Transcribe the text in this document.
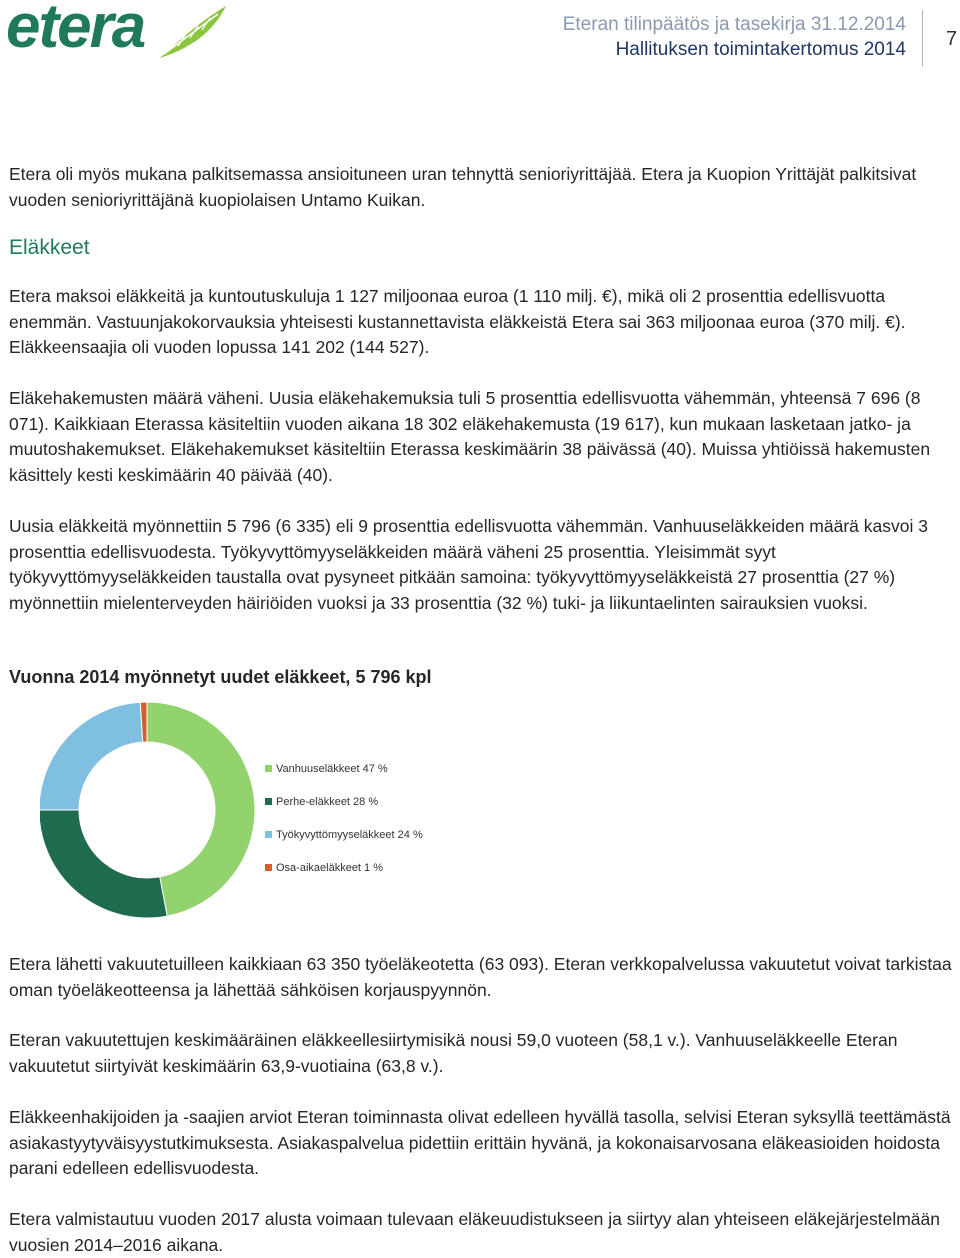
etera	Eteran tilinpäätös ja tasekirja 31.12.2014
Hallituksen toimintakertomus 2014 7

Etera oli myös mukana palkitsemassa ansioituneen uran tehnyttä senioriyrittäjää. Etera ja Kuopion Yrittäjät palkitsivat vuoden senioriyrittäjänä kuopiolaisen Untamo Kuikan.

Eläkkeet

Etera maksoi eläkkeitä ja kuntoutuskuluja 1 127 miljoonaa euroa (1 110 milj. €), mikä oli 2 prosenttia edellisvuotta enemmän. Vastuunjakokorvauksia yhteisesti kustannettavista eläkkeistä Etera sai 363 miljoonaa euroa (370 milj. €). Eläkkeensaajia oli vuoden lopussa 141 202 (144 527).

Eläkehakemusten määrä väheni. Uusia eläkehakemuksia tuli 5 prosenttia edellisvuotta vähemmän, yhteensä 7 696 (8 071). Kaikkiaan Eterassa käsiteltiin vuoden aikana 18 302 eläkehakemusta (19 617), kun mukaan lasketaan jatko- ja muutoshakemukset. Eläkehakemukset käsiteltiin Eterassa keskimäärin 38 päivässä (40). Muissa yhtiöissä hakemusten käsittely kesti keskimäärin 40 päivää (40).

Uusia eläkkeitä myönnettiin 5 796 (6 335) eli 9 prosenttia edellisvuotta vähemmän. Vanhuuseläkkeiden määrä kasvoi 3 prosenttia edellisvuodesta. Työkyvyttömyyseläkkeiden määrä väheni 25 prosenttia. Yleisimmät syyt työkyvyttömyyseläkkeiden taustalla ovat pysyneet pitkään samoina: työkyvyttömyyseläkkeistä 27 prosenttia (27 %) myönnettiin mielenterveyden häiriöiden vuoksi ja 33 prosenttia (32 %) tuki- ja liikuntaelinten sairauksien vuoksi.

Vuonna 2014 myönnetyt uudet eläkkeet, 5 796 kpl
Vanhuuseläkkeet 47 %
Perhe-eläkkeet 28 %
Työkyvyttömyyseläkkeet 24 %
Osa-aikaeläkkeet 1 %

Etera lähetti vakuutetuilleen kaikkiaan 63 350 työeläkeotetta (63 093). Eteran verkkopalvelussa vakuutetut voivat tarkistaa oman työeläkeotteensa ja lähettää sähköisen korjauspyynnön.

Eteran vakuutettujen keskimääräinen eläkkeellesiirtymisikä nousi 59,0 vuoteen (58,1 v.). Vanhuuseläkkeelle Eteran vakuutetut siirtyivät keskimäärin 63,9-vuotiaina (63,8 v.).

Eläkkeenhakijoiden ja -saajien arviot Eteran toiminnasta olivat edelleen hyvällä tasolla, selvisi Eteran syksyllä teettämästä asiakastyytyväisyystutkimuksesta. Asiakaspalvelua pidettiin erittäin hyvänä, ja kokonaisarvosana eläkeasioiden hoidosta parani edelleen edellisvuodesta.

Etera valmistautuu vuoden 2017 alusta voimaan tulevaan eläkeuudistukseen ja siirtyy alan yhteiseen eläkejärjestelmään vuosien 2014–2016 aikana.
